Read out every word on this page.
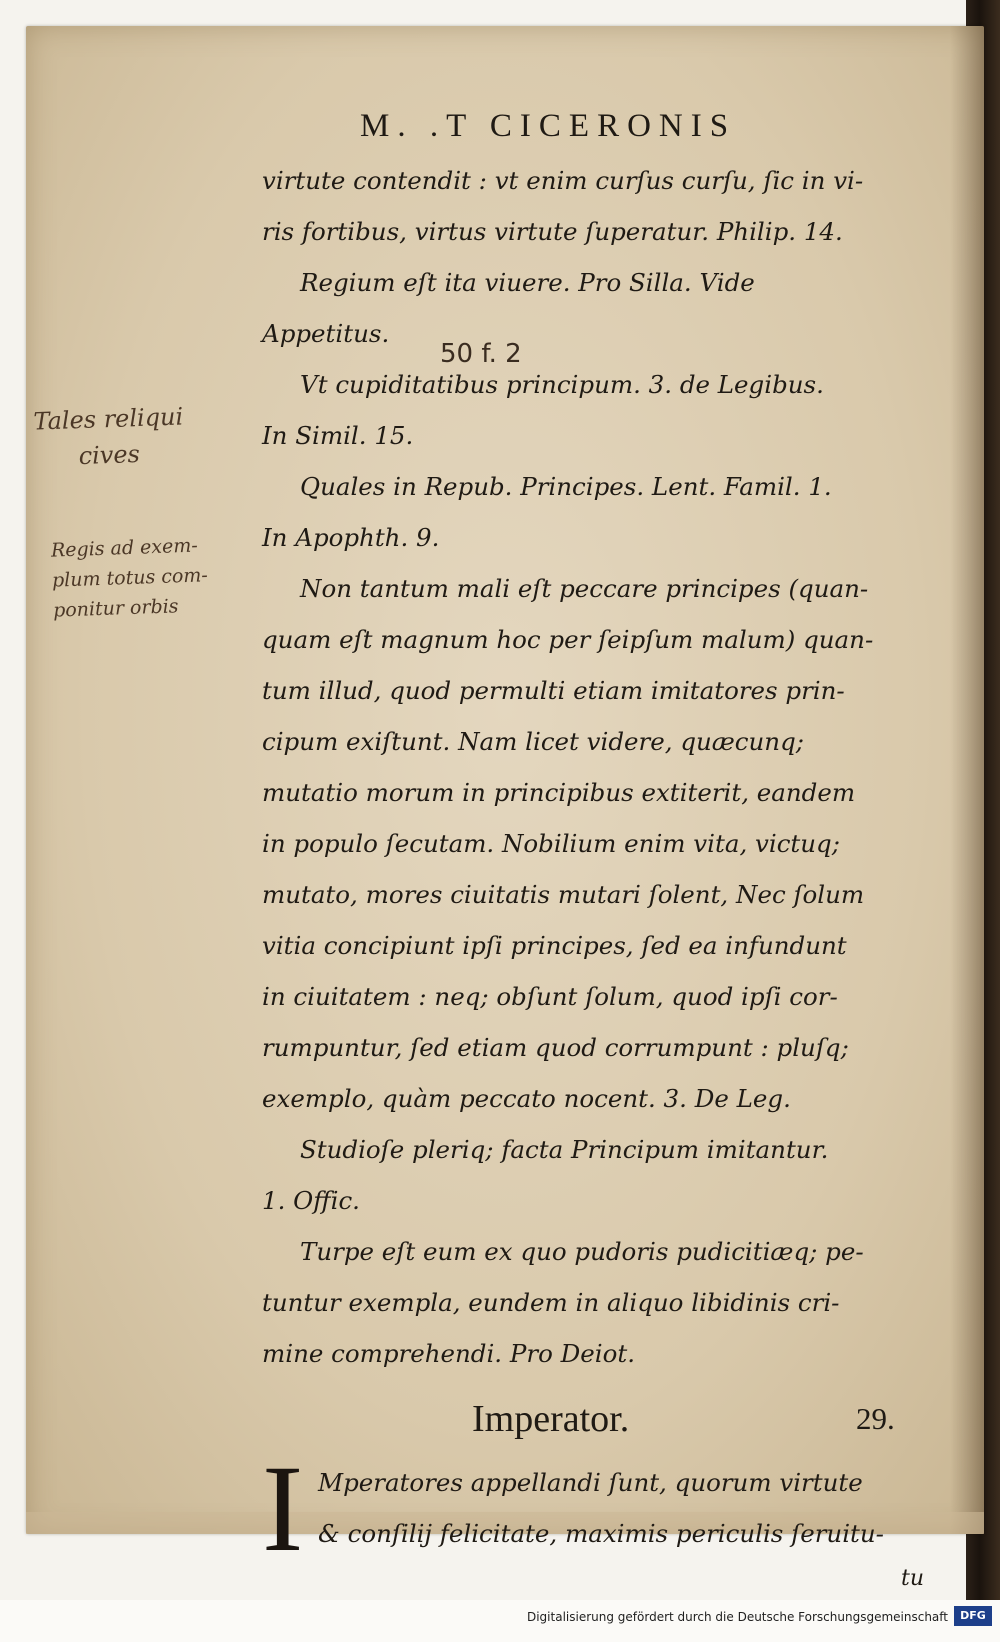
M. .T CICERONIS
50 f. 2
virtute contendit : vt enim curſus curſu, ſic in vi-
ris fortibus, virtus virtute ſuperatur. Philip. 14.
Regium eſt ita viuere. Pro Silla. Vide
Appetitus.
Vt cupiditatibus principum. 3. de Legibus.
In Simil. 15.
Quales in Repub. Principes. Lent. Famil. 1.
In Apophth. 9.
Non tantum mali eſt peccare principes (quan-
quam eſt magnum hoc per ſeipſum malum) quan-
tum illud, quod permulti etiam imitatores prin-
cipum exiſtunt. Nam licet videre, quæcunq;
mutatio morum in principibus extiterit, eandem
in populo ſecutam. Nobilium enim vita, victuq;
mutato, mores ciuitatis mutari ſolent, Nec ſolum
vitia concipiunt ipſi principes, ſed ea infundunt
in ciuitatem : neq; obſunt ſolum, quod ipſi cor-
rumpuntur, ſed etiam quod corrumpunt : pluſq;
exemplo, quàm peccato nocent. 3. De Leg.
Studioſe pleriq; facta Principum imitantur.
1. Offic.
Turpe eſt eum ex quo pudoris pudicitiæq; pe-
tuntur exempla, eundem in aliquo libidinis cri-
mine comprehendi. Pro Deiot.
Imperator.	29.
I Mperatores appellandi ſunt, quorum virtute
& conſilij felicitate, maximis periculis ſeruitu-
tu
Tales reliqui
cives
Regis ad exem-
plum totus com-
ponitur orbis
Digitalisierung gefördert durch die Deutsche Forschungsgemeinschaft	DFG
